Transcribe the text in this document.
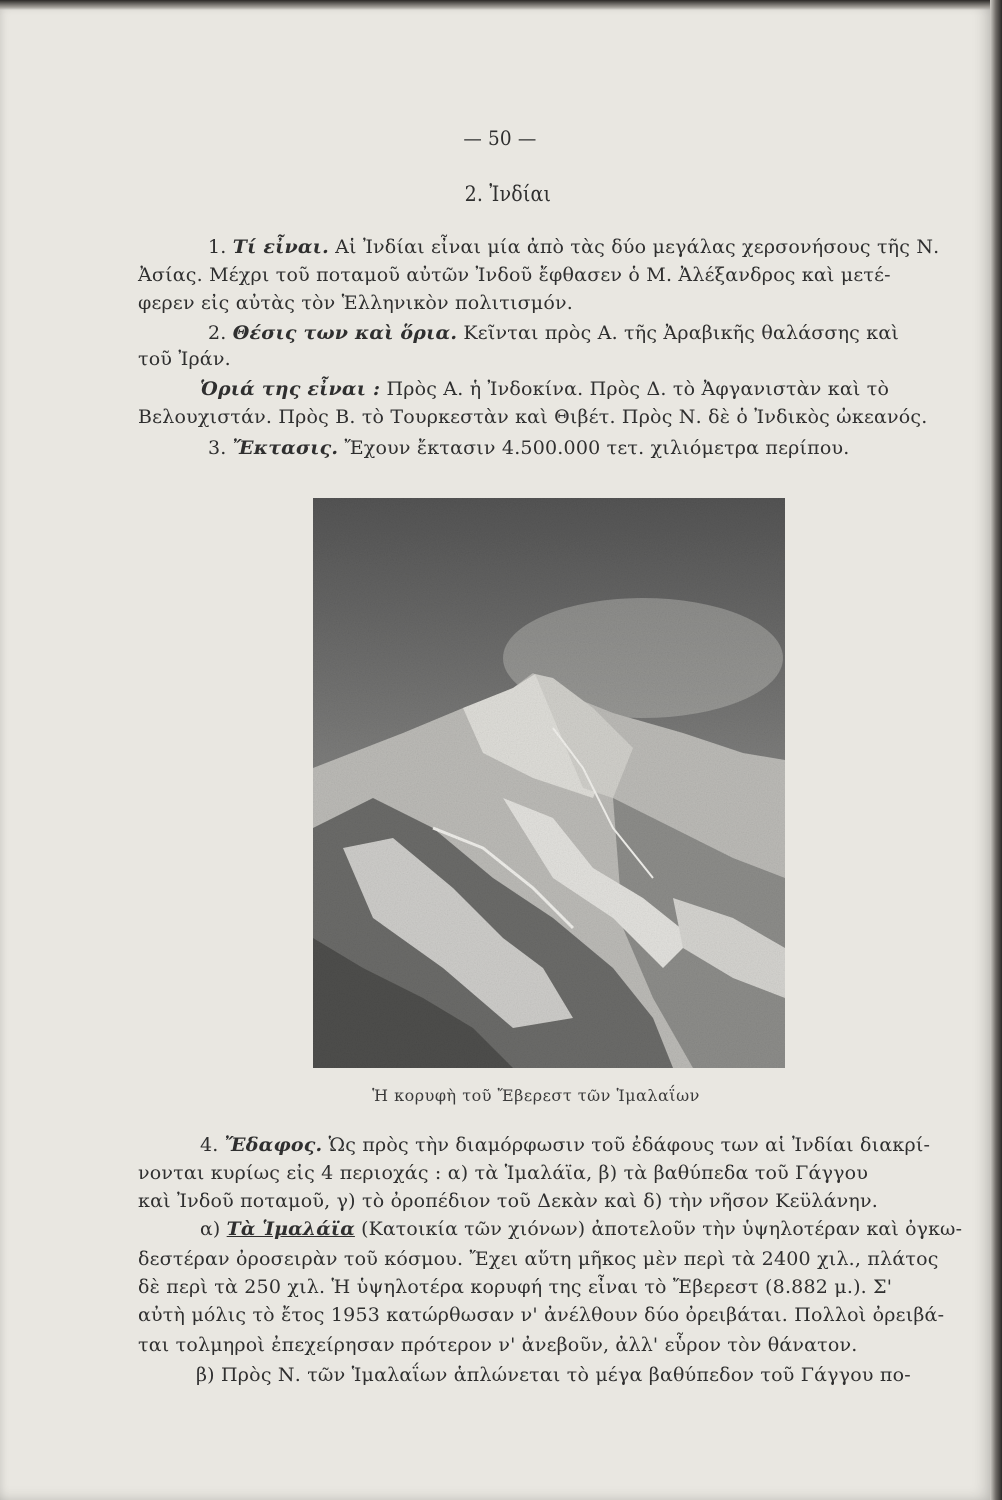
— 50 —
2. Ἰνδίαι
1. Τί εἶναι. Αἱ Ἰνδίαι εἶναι μία ἀπὸ τὰς δύο μεγάλας χερσονήσους τῆς Ν.
Ἀσίας. Μέχρι τοῦ ποταμοῦ αὐτῶν Ἰνδοῦ ἔφθασεν ὁ Μ. Ἀλέξανδρος καὶ μετέ-
φερεν εἰς αὐτὰς τὸν Ἑλληνικὸν πολιτισμόν.
2. Θέσις των καὶ ὅρια. Κεῖνται πρὸς Α. τῆς Ἀραβικῆς θαλάσσης καὶ
τοῦ Ἰράν.
Ὁριά της εἶναι : Πρὸς Α. ἡ Ἰνδοκίνα. Πρὸς Δ. τὸ Ἀφγανιστὰν καὶ τὸ
Βελουχιστάν. Πρὸς Β. τὸ Τουρκεστὰν καὶ Θιβέτ. Πρὸς Ν. δὲ ὁ Ἰνδικὸς ὠκεανός.
3. Ἔκτασις. Ἔχουν ἔκτασιν 4.500.000 τετ. χιλιόμετρα περίπου.
Ἡ κορυφὴ τοῦ Ἔβερεστ τῶν Ἱμαλαΐων
4. Ἔδαφος. Ὡς πρὸς τὴν διαμόρφωσιν τοῦ ἐδάφους των αἱ Ἰνδίαι διακρί-
νονται κυρίως εἰς 4 περιοχάς : α) τὰ Ἱμαλάϊα, β) τὰ βαθύπεδα τοῦ Γάγγου
καὶ Ἰνδοῦ ποταμοῦ, γ) τὸ ὀροπέδιον τοῦ Δεκὰν καὶ δ) τὴν νῆσον Κεϋλάνην.
α) Τὰ Ἱμαλάϊα (Κατοικία τῶν χιόνων) ἀποτελοῦν τὴν ὑψηλοτέραν καὶ ὀγκω-
δεστέραν ὀροσειρὰν τοῦ κόσμου. Ἔχει αὕτη μῆκος μὲν περὶ τὰ 2400 χιλ., πλάτος
δὲ περὶ τὰ 250 χιλ. Ἡ ὑψηλοτέρα κορυφή της εἶναι τὸ Ἔβερεστ (8.882 μ.). Σ'
αὐτὴ μόλις τὸ ἔτος 1953 κατώρθωσαν ν' ἀνέλθουν δύο ὀρειβάται. Πολλοὶ ὀρειβά-
ται τολμηροὶ ἐπεχείρησαν πρότερον ν' ἀνεβοῦν, ἀλλ' εὗρον τὸν θάνατον.
β) Πρὸς Ν. τῶν Ἱμαλαΐων ἁπλώνεται τὸ μέγα βαθύπεδον τοῦ Γάγγου πο-
